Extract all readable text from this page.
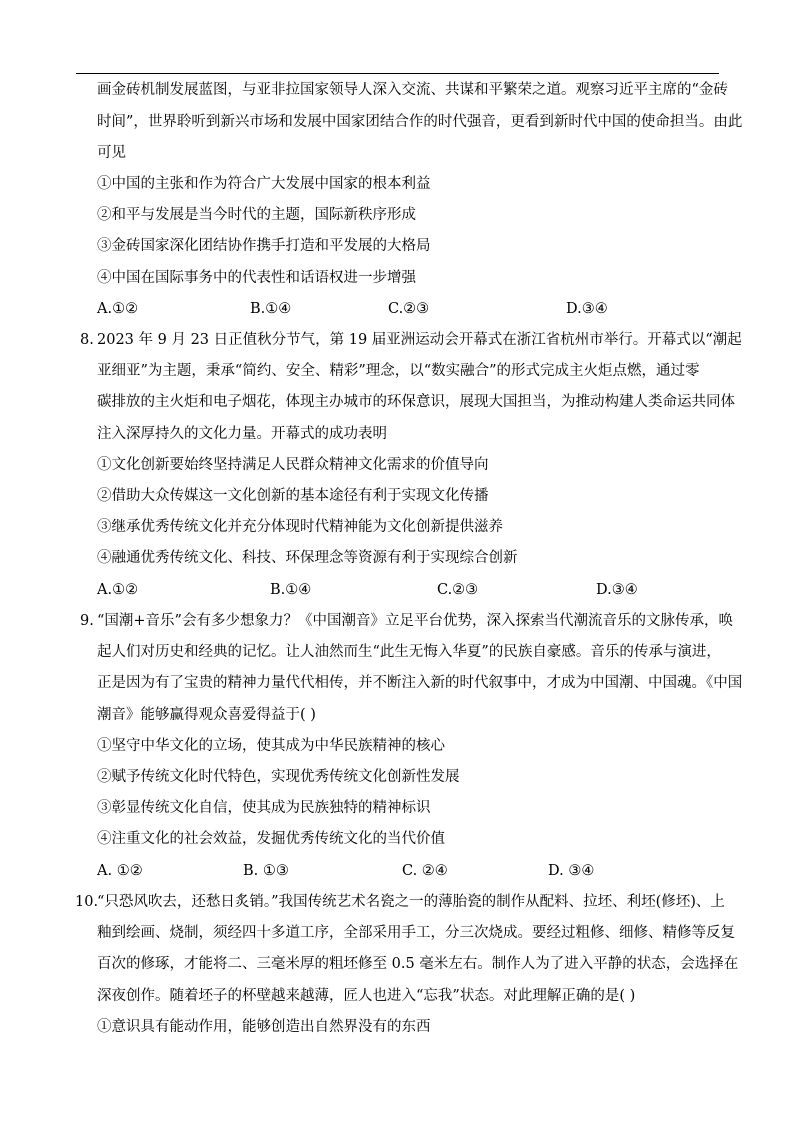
画金砖机制发展蓝图，与亚非拉国家领导人深入交流、共谋和平繁荣之道。观察习近平主席的“金砖
时间”，世界聆听到新兴市场和发展中国家团结合作的时代强音，更看到新时代中国的使命担当。由此
可见
①中国的主张和作为符合广大发展中国家的根本利益
②和平与发展是当今时代的主题，国际新秩序形成
③金砖国家深化团结协作携手打造和平发展的大格局
④中国在国际事务中的代表性和话语权进一步增强
A.①②	B.①④	C.②③	D.③④
8. 2023 年 9 月 23 日正值秋分节气，第 19 届亚洲运动会开幕式在浙江省杭州市举行。开幕式以“潮起
亚细亚”为主题，秉承“简约、安全、精彩”理念，以“数实融合”的形式完成主火炬点燃，通过零
碳排放的主火炬和电子烟花，体现主办城市的环保意识，展现大国担当，为推动构建人类命运共同体
注入深厚持久的文化力量。开幕式的成功表明
①文化创新要始终坚持满足人民群众精神文化需求的价值导向
②借助大众传媒这一文化创新的基本途径有利于实现文化传播
③继承优秀传统文化并充分体现时代精神能为文化创新提供滋养
④融通优秀传统文化、科技、环保理念等资源有利于实现综合创新
A.①②	B.①④	C.②③	D.③④
9. “国潮+音乐”会有多少想象力？《中国潮音》立足平台优势，深入探索当代潮流音乐的文脉传承，唤
起人们对历史和经典的记忆。让人油然而生“此生无悔入华夏”的民族自豪感。音乐的传承与演进，
正是因为有了宝贵的精神力量代代相传，并不断注入新的时代叙事中，才成为中国潮、中国魂。《中国
潮音》能够赢得观众喜爱得益于( )
①坚守中华文化的立场，使其成为中华民族精神的核心
②赋予传统文化时代特色，实现优秀传统文化创新性发展
③彰显传统文化自信，使其成为民族独特的精神标识
④注重文化的社会效益，发掘优秀传统文化的当代价值
A. ①②	B. ①③	C. ②④	D. ③④
10.
“只恐风吹去，还愁日炙销。”我国传统艺术名瓷之一的薄胎瓷的制作从配料、拉坯、利坯(修坯)、上
釉到绘画、烧制，须经四十多道工序，全部采用手工，分三次烧成。要经过粗修、细修、精修等反复
百次的修琢，才能将二、三毫米厚的粗坯修至 0.5 毫米左右。制作人为了进入平静的状态，会选择在
深夜创作。随着坯子的杯壁越来越薄，匠人也进入“忘我”状态。对此理解正确的是( )
①意识具有能动作用，能够创造出自然界没有的东西
